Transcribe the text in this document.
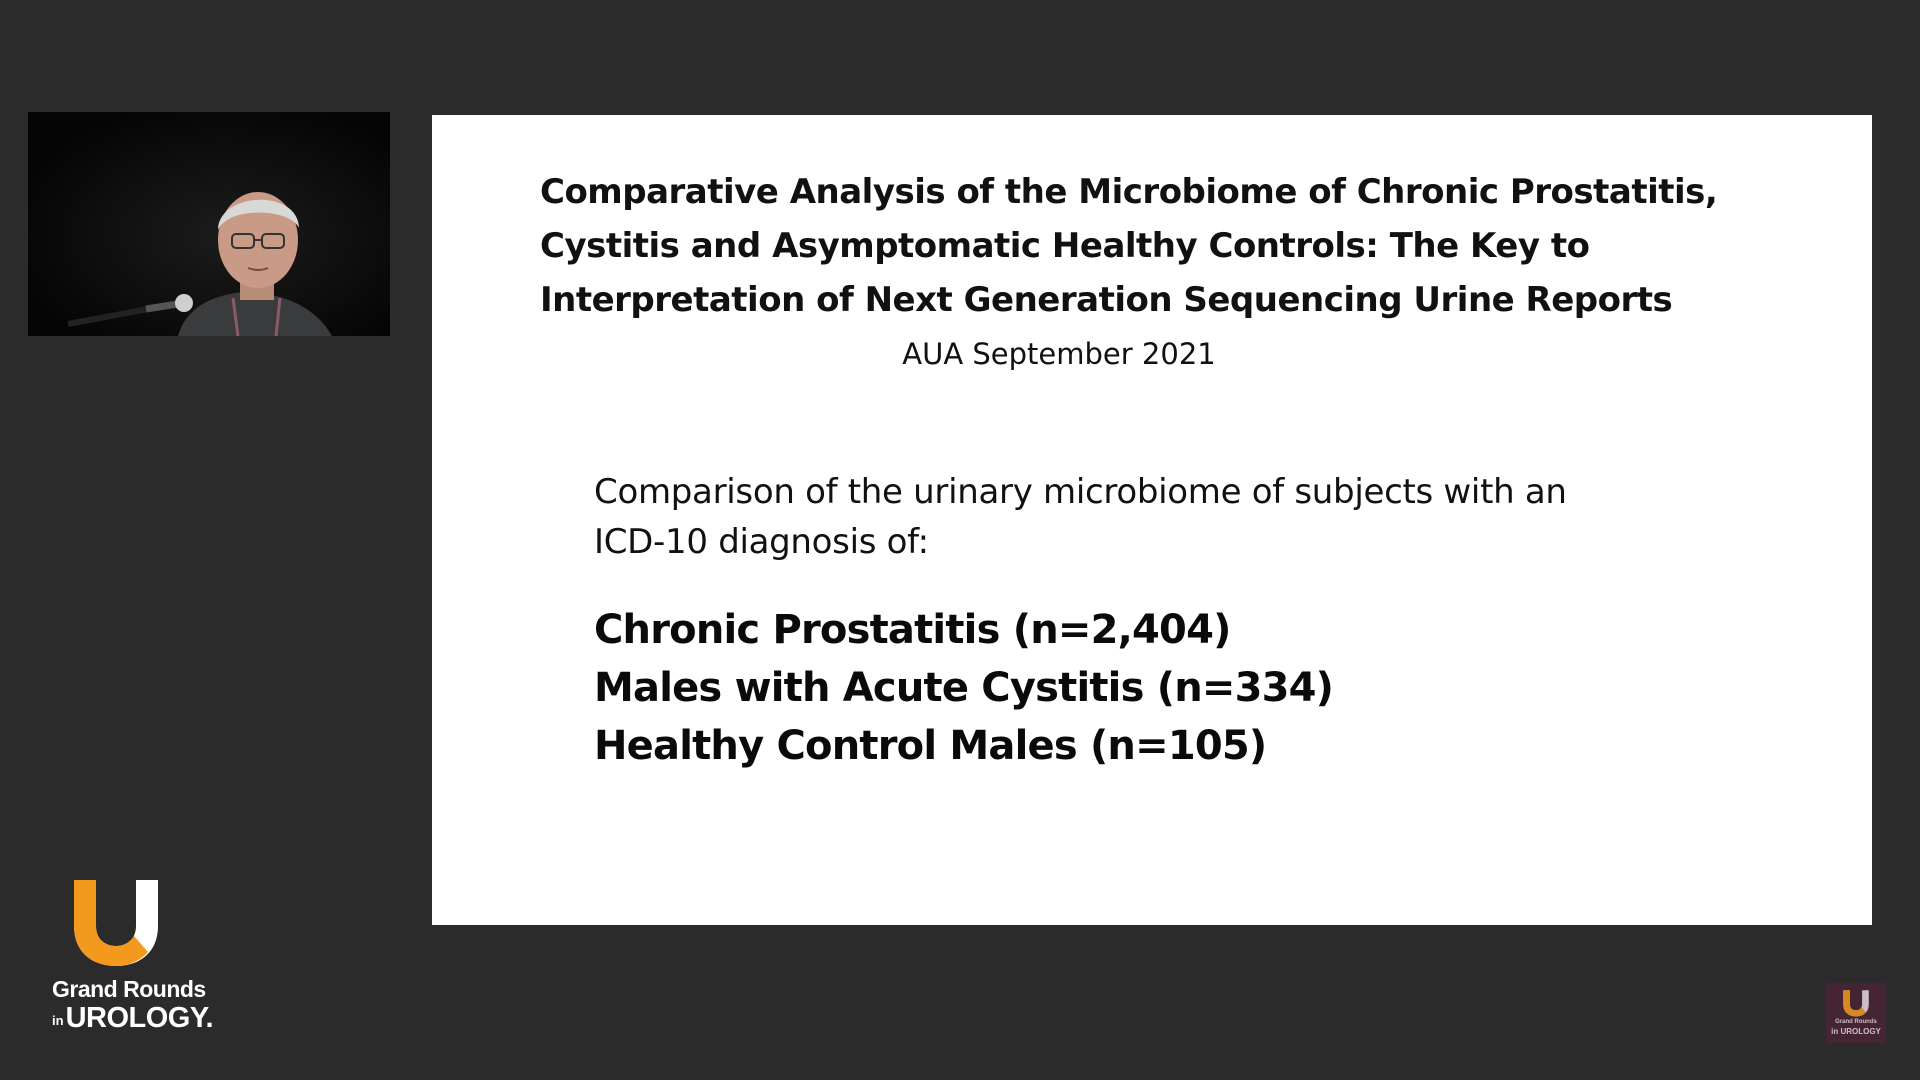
Comparative Analysis of the Microbiome of Chronic Prostatitis,
Cystitis and Asymptomatic Healthy Controls: The Key to
Interpretation of Next Generation Sequencing Urine Reports
AUA September 2021
Comparison of the urinary microbiome of subjects with an
ICD-10 diagnosis of:
Chronic Prostatitis (n=2,404)
Males with Acute Cystitis (n=334)
Healthy Control Males (n=105)
Grand Rounds
inUROLOGY.	Grand Rounds
in UROLOGY
